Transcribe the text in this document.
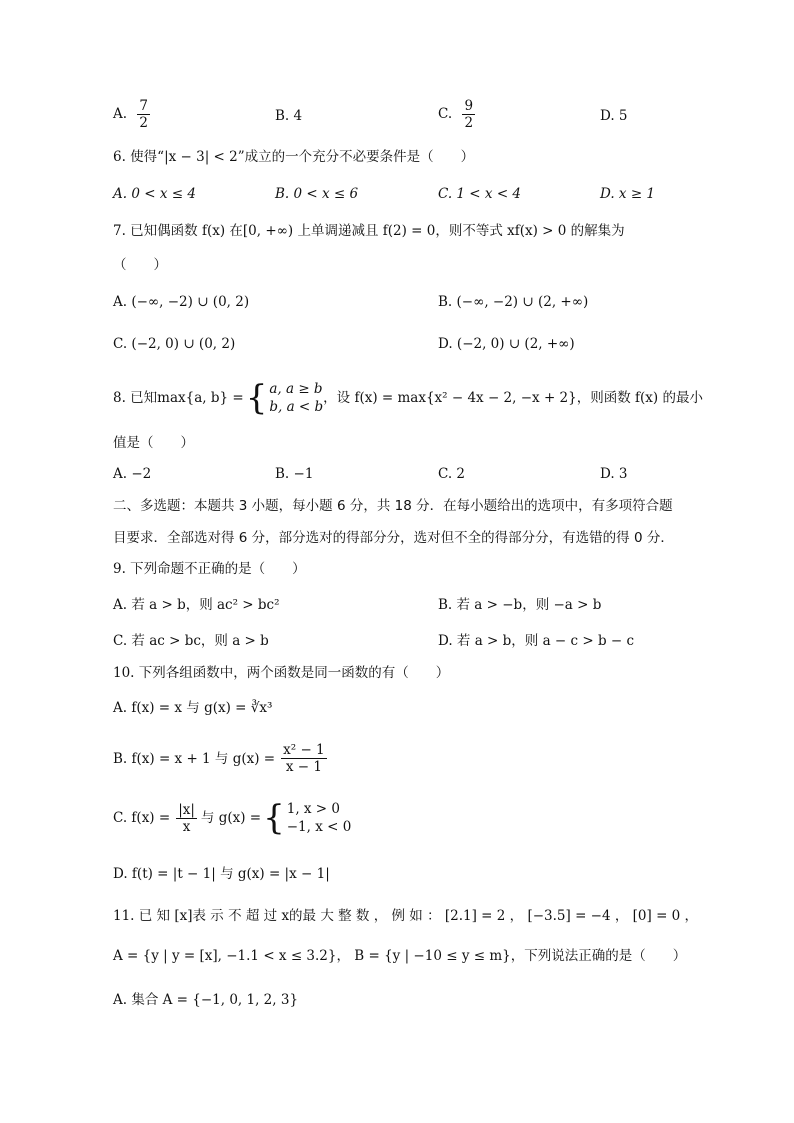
A. $\frac{7}{2}$	B. 4	C. $\frac{9}{2}$	D. 5
6. 使得“|x − 3| < 2”成立的一个充分不必要条件是（　　）
A. 0 < x ≤ 4	B. 0 < x ≤ 6	C. 1 < x < 4	D. x ≥ 1
7. 已知偶函数 f(x) 在[0, +∞) 上单调递减且 f(2) = 0，则不等式 xf(x) > 0 的解集为
（　　）
A. (−∞, −2) ∪ (0, 2)	B. (−∞, −2) ∪ (2, +∞)
C. (−2, 0) ∪ (0, 2)	D. (−2, 0) ∪ (2, +∞)
8. 已知max{a, b} = { a, a ≥ b
b, a < b
，设 f(x) = max{x² − 4x − 2, −x + 2}，则函数 f(x) 的最小
值是（　　）
A. −2	B. −1	C. 2	D. 3
二、多选题：本题共 3 小题，每小题 6 分，共 18 分．在每小题给出的选项中，有多项符合题
目要求．全部选对得 6 分，部分选对的得部分分，选对但不全的得部分分，有选错的得 0 分．
9. 下列命题不正确的是（　　）
A. 若 a > b，则 ac² > bc²	B. 若 a > −b，则 −a > b
C. 若 ac > bc，则 a > b	D. 若 a > b，则 a − c > b − c
10. 下列各组函数中，两个函数是同一函数的有（　　）
A. f(x) = x 与 g(x) = ∛x³
B. f(x) = x + 1 与 $g(x) = \frac{\text{x² − 1}}{x - 1}$
C. $f(x) = \frac{|x|}{x}$ 与 g(x) = { 1, x > 0
−1, x < 0
D. f(t) = |t − 1| 与 g(x) = |x − 1|
11. 已 知 [x]表 示 不 超 过 x的最 大 整 数 ， 例 如 ： [2.1] = 2 ， [−3.5] = −4 ， [0] = 0 ，
A = {y | y = [x], −1.1 < x ≤ 3.2}， B = {y | −10 ≤ y ≤ m}，下列说法正确的是（　　）
A. 集合 A = {−1, 0, 1, 2, 3}
